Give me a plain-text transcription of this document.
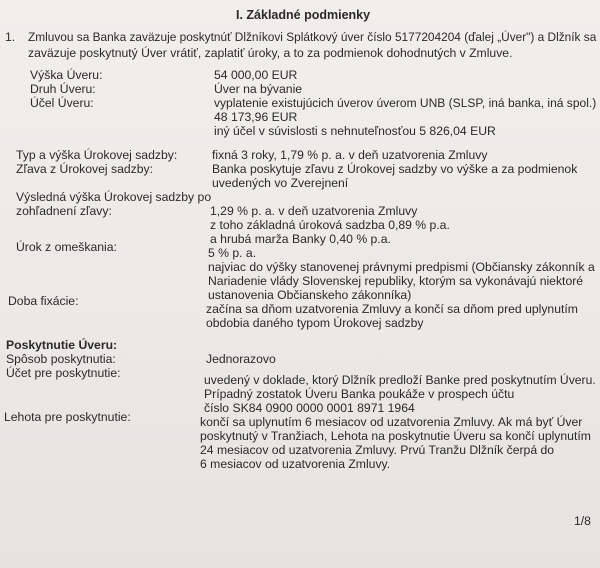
I. Základné podmienky
1. Zmluvou sa Banka zaväzuje poskytnúť Dlžníkovi Splátkový úver číslo 5177204204 (ďalej „Úver") a Dlžník sa
zaväzuje poskytnutý Úver vrátiť, zaplatiť úroky, a to za podmienok dohodnutých v Zmluve.
Výška Úveru:	54 000,00 EUR
Druh Úveru:	Úver na bývanie
Účel Úveru:	vyplatenie existujúcich úverov úverom UNB (SLSP, iná banka, iná spol.)
48 173,96 EUR
iný účel v súvislosti s nehnuteľnosťou 5 826,04 EUR
Typ a výška Úrokovej sadzby:	fixná 3 roky, 1,79 % p. a. v deň uzatvorenia Zmluvy
Zľava z Úrokovej sadzby:	Banka poskytuje zľavu z Úrokovej sadzby vo výške a za podmienok
uvedených vo Zverejnení
Výsledná výška Úrokovej sadzby po
zohľadnení zľavy:	1,29 % p. a. v deň uzatvorenia Zmluvy
z toho základná úroková sadzba 0,89 % p.a.
a hrubá marža Banky 0,40 % p.a.
Úrok z omeškania:	5 % p. a.
najviac do výšky stanovenej právnymi predpismi (Občiansky zákonník a
Nariadenie vlády Slovenskej republiky, ktorým sa vykonávajú niektoré
ustanovenia Občianskeho zákonníka)
Doba fixácie:
začína sa dňom uzatvorenia Zmluvy a končí sa dňom pred uplynutím
obdobia daného typom Úrokovej sadzby
Poskytnutie Úveru:
Spôsob poskytnutia:	Jednorazovo
Účet pre poskytnutie:	uvedený v doklade, ktorý Dlžník predloží Banke pred poskytnutím Úveru.
Prípadný zostatok Úveru Banka poukáže v prospech účtu
číslo SK84 0900 0000 0001 8971 1964
Lehota pre poskytnutie:	končí sa uplynutím 6 mesiacov od uzatvorenia Zmluvy. Ak má byť Úver
poskytnutý v Tranžiach, Lehota na poskytnutie Úveru sa končí uplynutím
24 mesiacov od uzatvorenia Zmluvy. Prvú Tranžu Dlžník čerpá do
6 mesiacov od uzatvorenia Zmluvy.
1/8
